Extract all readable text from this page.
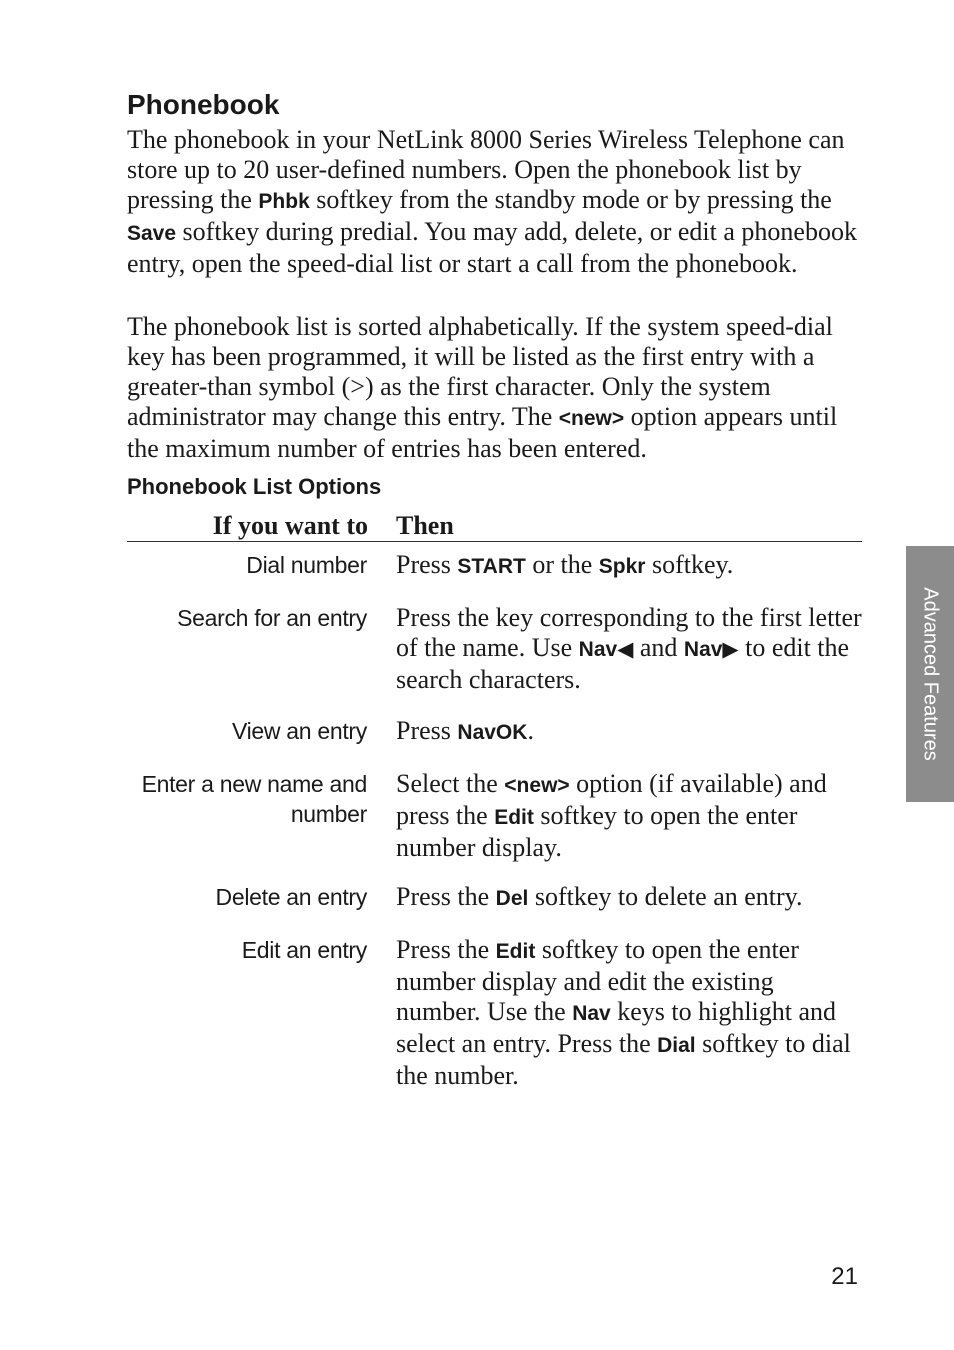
Phonebook

The phonebook in your NetLink 8000 Series Wireless Telephone can store up to 20 user-defined numbers. Open the phonebook list by pressing the Phbk softkey from the standby mode or by pressing the Save softkey during predial. You may add, delete, or edit a phonebook entry, open the speed-dial list or start a call from the phonebook.

The phonebook list is sorted alphabetically. If the system speed-dial key has been programmed, it will be listed as the first entry with a greater-than symbol (>) as the first character. Only the system administrator may change this entry. The <new> option appears until the maximum number of entries has been entered.

Phonebook List Options
If you want to Then
Dial number Press START or the Spkr softkey.
Search for an entry Press the key corresponding to the first letter of the name. Use Nav◀ and Nav▶ to edit the search characters.
View an entry Press NavOK.
Enter a new name and number
Select the <new> option (if available) and press the Edit softkey to open the enter number display.
Delete an entry Press the Del softkey to delete an entry.
Edit an entry Press the Edit softkey to open the enter number display and edit the existing number. Use the Nav keys to highlight and select an entry. Press the Dial softkey to dial the number.
Advanced Features
21
